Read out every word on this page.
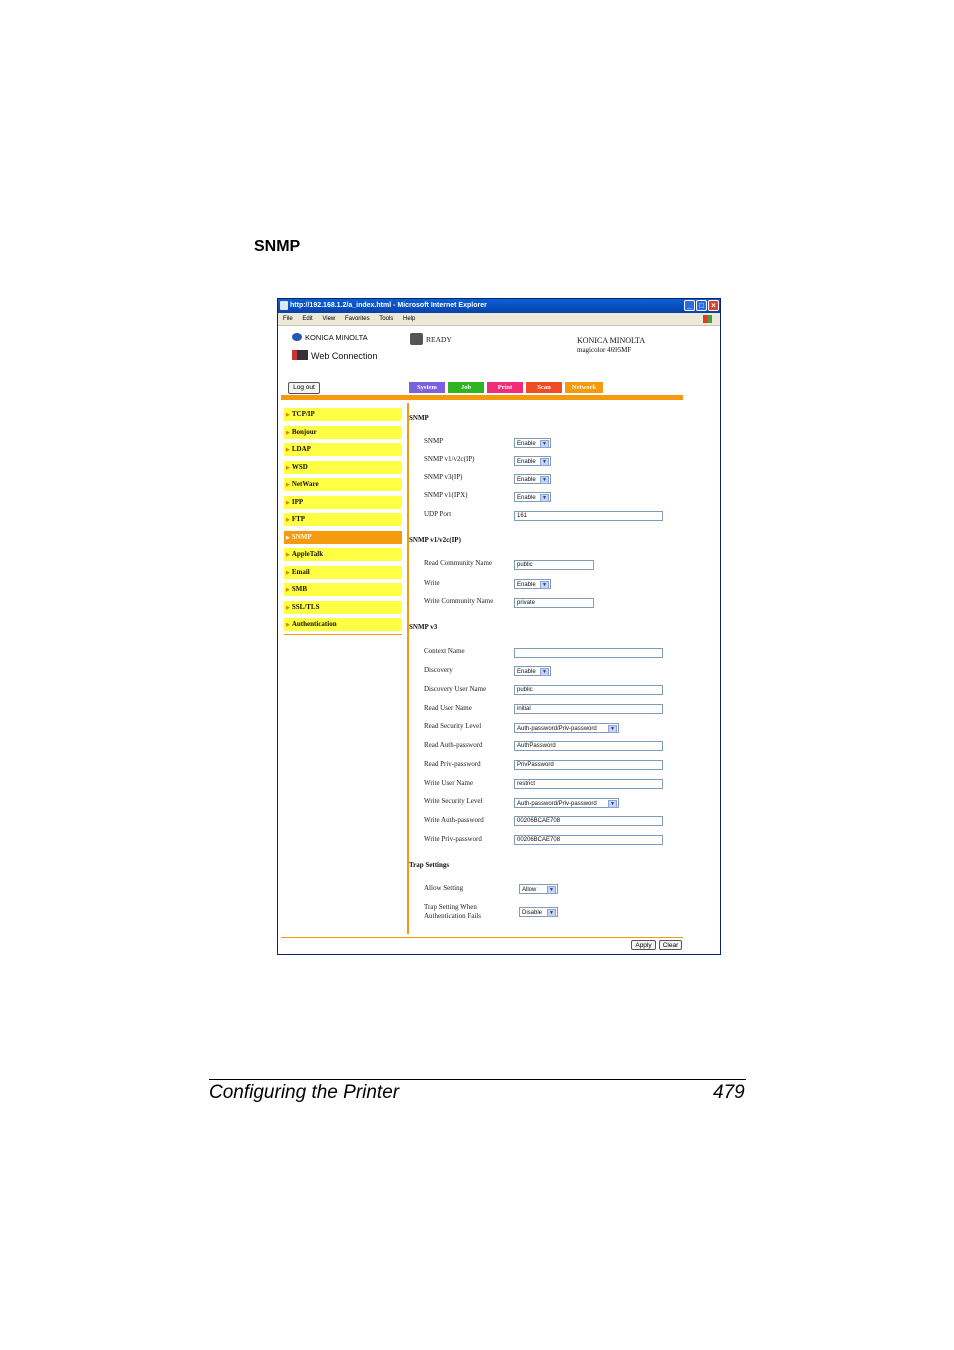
SNMP
http://192.168.1.2/a_index.html - Microsoft Internet Explorer	_ □ ×
File Edit View Favorites Tools Help
KONICA MINOLTA
Web Connection
READY	KONICA MINOLTA
magicolor 4695MF
Log out	System	Job	Print	Scan	Network
▶ TCP/IP
▶ Bonjour
▶ LDAP
▶ WSD
▶ NetWare
▶ IPP
▶ FTP
▶ SNMP
▶ AppleTalk
▶ Email
▶ SMB
▶ SSL/TLS
▶ Authentication
SNMP
SNMP	Enable	▼
SNMP v1/v2c(IP)	Enable	▼
SNMP v3(IP)	Enable	▼
SNMP v1(IPX)	Enable	▼
UDP Port	161
SNMP v1/v2c(IP)
Read Community Name	public
Write	Enable	▼
Write Community Name	private
SNMP v3
Context Name
Discovery	Enable	▼
Discovery User Name	public
Read User Name	initial
Read Security Level	Auth-password/Priv-password	▼
Read Auth-password	AuthPassword
Read Priv-password	PrivPassword
Write User Name	restrict
Write Security Level	Auth-password/Priv-password	▼
Write Auth-password	00206BCAE708
Write Priv-password	00206BCAE708
Trap Settings
Allow Setting	Allow	▼
Trap Setting When
Authentication Fails	Disable	▼
Apply	Clear
Configuring the Printer	479
